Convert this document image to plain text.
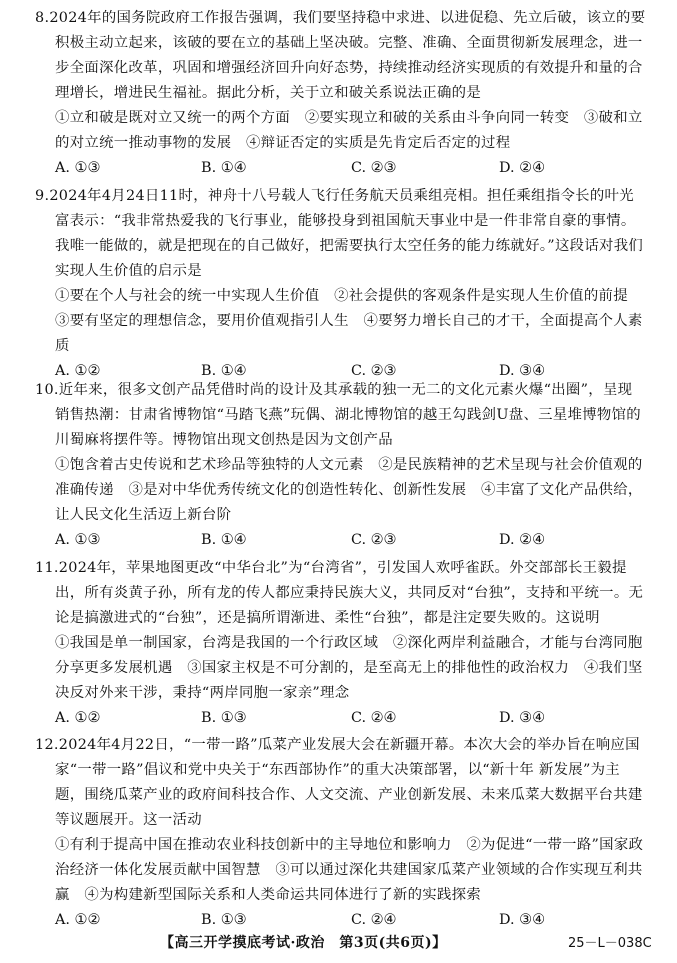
8.2024年的国务院政府工作报告强调，我们要坚持稳中求进、以进促稳、先立后破，该立的要积极主动立起来，该破的要在立的基础上坚决破。完整、准确、全面贯彻新发展理念，进一步全面深化改革，巩固和增强经济回升向好态势，持续推动经济实现质的有效提升和量的合理增长，增进民生福祉。据此分析，关于立和破关系说法正确的是

①立和破是既对立又统一的两个方面　②要实现立和破的关系由斗争向同一转变　③破和立的对立统一推动事物的发展　④辩证否定的实质是先肯定后否定的过程

A. ①③	B. ①④	C. ②③	D. ②④

9.2024年4月24日11时，神舟十八号载人飞行任务航天员乘组亮相。担任乘组指令长的叶光富表示：“我非常热爱我的飞行事业，能够投身到祖国航天事业中是一件非常自豪的事情。我唯一能做的，就是把现在的自己做好，把需要执行太空任务的能力练就好。”这段话对我们实现人生价值的启示是

①要在个人与社会的统一中实现人生价值　②社会提供的客观条件是实现人生价值的前提　③要有坚定的理想信念，要用价值观指引人生　④要努力增长自己的才干，全面提高个人素质

A. ①②	B. ①④	C. ②③	D. ③④

10.近年来，很多文创产品凭借时尚的设计及其承载的独一无二的文化元素火爆“出圈”，呈现销售热潮：甘肃省博物馆“马踏飞燕”玩偶、湖北博物馆的越王勾践剑U盘、三星堆博物馆的川蜀麻将摆件等。博物馆出现文创热是因为文创产品

①饱含着古史传说和艺术珍品等独特的人文元素　②是民族精神的艺术呈现与社会价值观的准确传递　③是对中华优秀传统文化的创造性转化、创新性发展　④丰富了文化产品供给，让人民文化生活迈上新台阶

A. ①③	B. ①④	C. ②③	D. ②④

11.2024年，苹果地图更改“中华台北”为“台湾省”，引发国人欢呼雀跃。外交部部长王毅提出，所有炎黄子孙，所有龙的传人都应秉持民族大义，共同反对“台独”，支持和平统一。无论是搞激进式的“台独”，还是搞所谓渐进、柔性“台独”，都是注定要失败的。这说明

①我国是单一制国家，台湾是我国的一个行政区域　②深化两岸利益融合，才能与台湾同胞分享更多发展机遇　③国家主权是不可分割的，是至高无上的排他性的政治权力　④我们坚决反对外来干涉，秉持“两岸同胞一家亲”理念

A. ①②	B. ①③	C. ②④	D. ③④

12.2024年4月22日，“一带一路”瓜菜产业发展大会在新疆开幕。本次大会的举办旨在响应国家“一带一路”倡议和党中央关于“东西部协作”的重大决策部署，以“新十年 新发展”为主题，围绕瓜菜产业的政府间科技合作、人文交流、产业创新发展、未来瓜菜大数据平台共建等议题展开。这一活动

①有利于提高中国在推动农业科技创新中的主导地位和影响力　②为促进“一带一路”国家政治经济一体化发展贡献中国智慧　③可以通过深化共建国家瓜菜产业领域的合作实现互利共赢　④为构建新型国际关系和人类命运共同体进行了新的实践探索

A. ①②	B. ①③	C. ②④	D. ③④
【高三开学摸底考试·政治　第3页(共6页)】	25－L－038C
